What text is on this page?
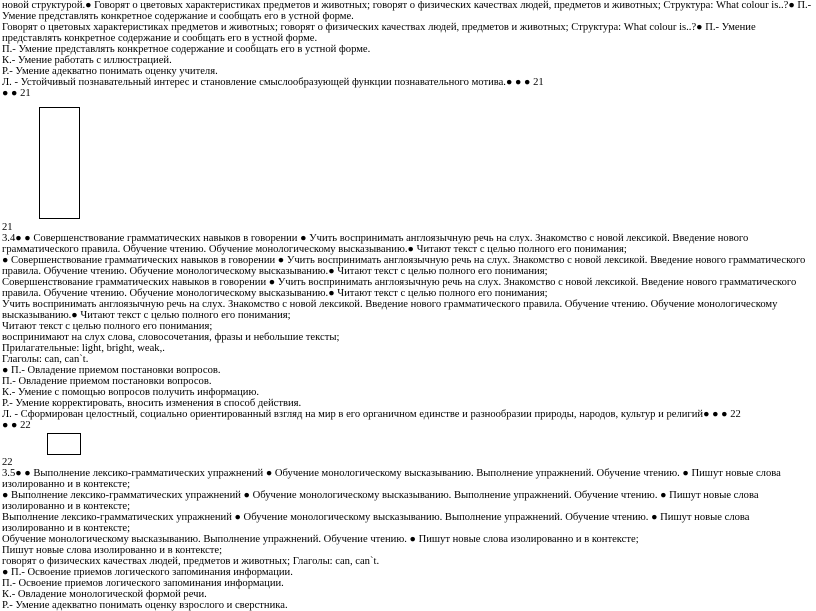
новой структурой.● Говорят о цветовых характеристиках предметов и животных; говорят о физических качествах людей, предметов и животных; Структура: What colour is..?● П.- Умение представлять конкретное содержание и сообщать его в устной форме.

Говорят о цветовых характеристиках предметов и животных; говорят о физических качествах людей, предметов и животных; Структура: What colour is..?● П.- Умение представлять конкретное содержание и сообщать его в устной форме.

П.- Умение представлять конкретное содержание и сообщать его в устной форме.

К.- Умение работать с иллюстрацией.

Р.- Умение адекватно понимать оценку учителя.

Л. - Устойчивый познавательный интерес и становление смыслообразующей функции познавательного мотива.● ● ● 21

● ● 21

21

3.4● ● Совершенствование грамматических навыков в говорении ● Учить воспринимать англоязычную речь на слух. Знакомство с новой лексикой. Введение нового грамматического правила. Обучение чтению. Обучение монологическому высказыванию.● Читают текст с целью полного его понимания;

● Совершенствование грамматических навыков в говорении ● Учить воспринимать англоязычную речь на слух. Знакомство с новой лексикой. Введение нового грамматического правила. Обучение чтению. Обучение монологическому высказыванию.● Читают текст с целью полного его понимания;

Совершенствование грамматических навыков в говорении ● Учить воспринимать англоязычную речь на слух. Знакомство с новой лексикой. Введение нового грамматического правила. Обучение чтению. Обучение монологическому высказыванию.● Читают текст с целью полного его понимания;

Учить воспринимать англоязычную речь на слух. Знакомство с новой лексикой. Введение нового грамматического правила. Обучение чтению. Обучение монологическому высказыванию.● Читают текст с целью полного его понимания;

Читают текст с целью полного его понимания;

воспринимают на слух слова, словосочетания, фразы и небольшие тексты;

Прилагательные: light, bright, weak,.

Глаголы: can, can`t.

● П.- Овладение приемом постановки вопросов.

П.- Овладение приемом постановки вопросов.

К.- Умение с помощью вопросов получить информацию.

Р.- Умение корректировать, вносить изменения в способ действия.

Л. - Сформирован целостный, социально ориентированный взгляд на мир в его органичном единстве и разнообразии природы, народов, культур и религий● ● ● 22

● ● 22

22

3.5● ● Выполнение лексико-грамматических упражнений ● Обучение монологическому высказыванию. Выполнение упражнений. Обучение чтению. ● Пишут новые слова изолированно и в контексте;

● Выполнение лексико-грамматических упражнений ● Обучение монологическому высказыванию. Выполнение упражнений. Обучение чтению. ● Пишут новые слова изолированно и в контексте;

Выполнение лексико-грамматических упражнений ● Обучение монологическому высказыванию. Выполнение упражнений. Обучение чтению. ● Пишут новые слова изолированно и в контексте;

Обучение монологическому высказыванию. Выполнение упражнений. Обучение чтению. ● Пишут новые слова изолированно и в контексте;

Пишут новые слова изолированно и в контексте;

говорят о физических качествах людей, предметов и животных; Глаголы: can, can`t.

● П.- Освоение приемов логического запоминания информации.

П.- Освоение приемов логического запоминания информации.

К.- Овладение монологической формой речи.

Р.- Умение адекватно понимать оценку взрослого и сверстника.
